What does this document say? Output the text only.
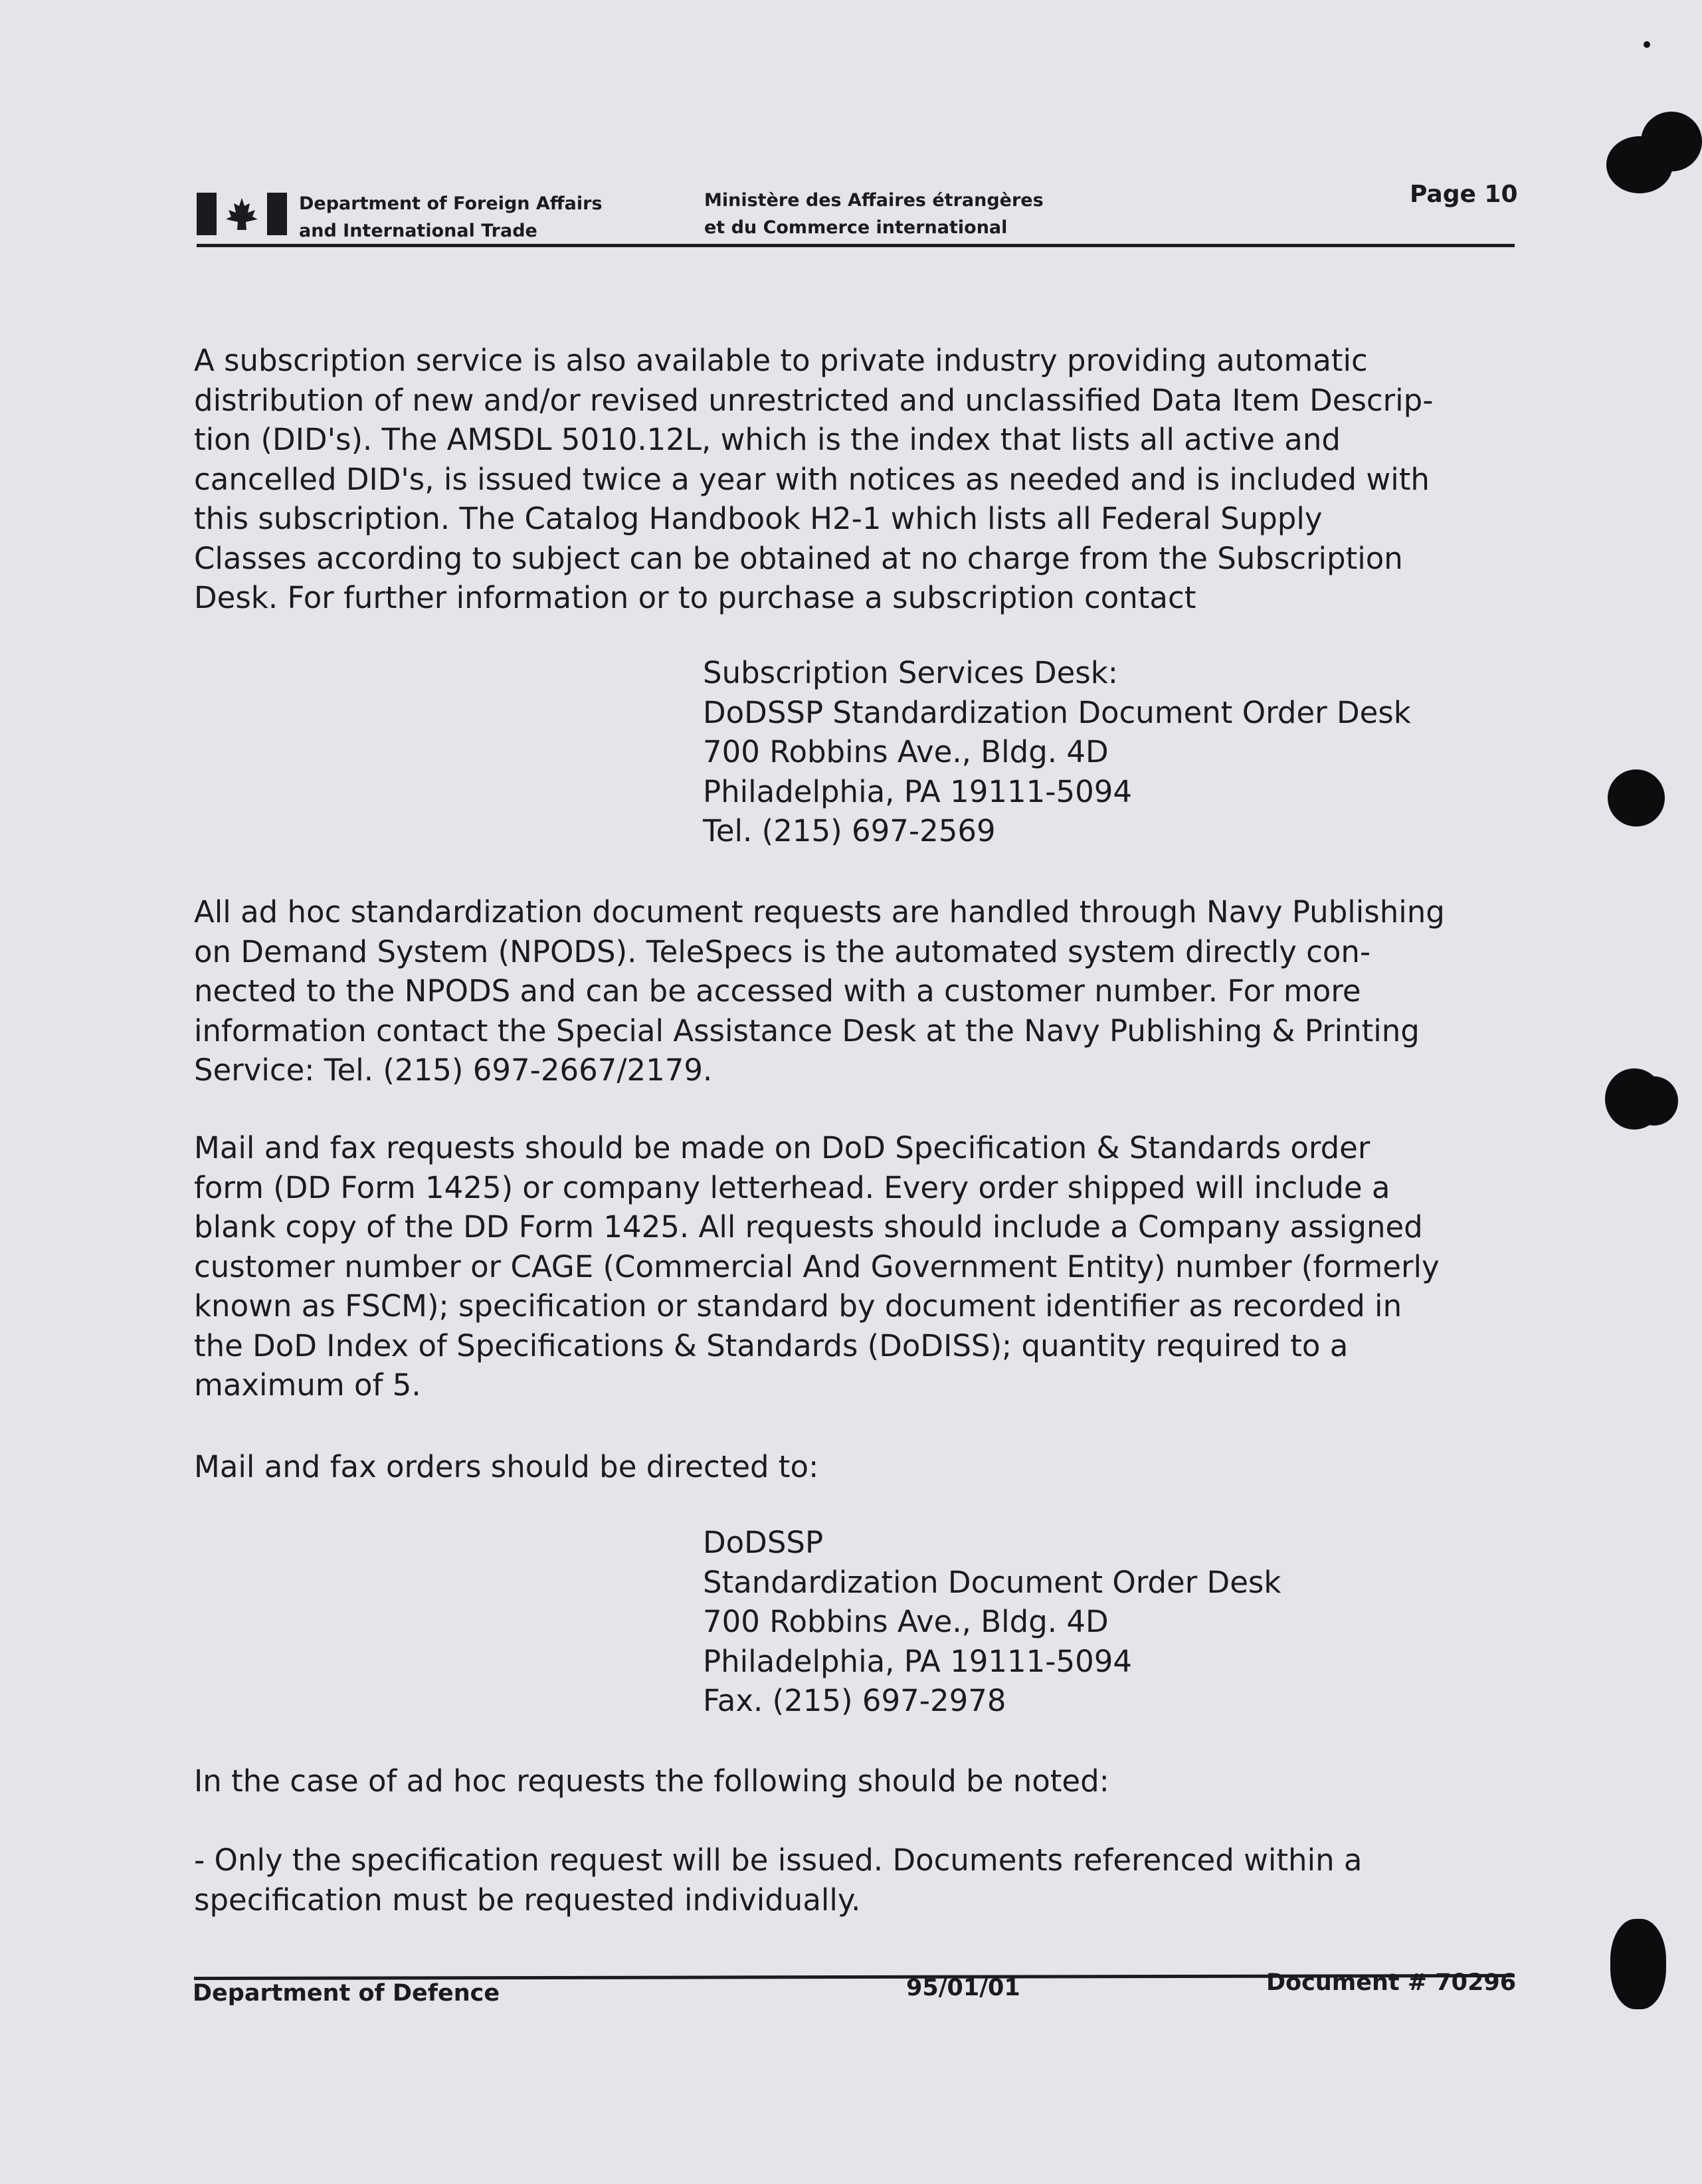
Department of Foreign Affairs
and International Trade
Ministère des Affaires étrangères
et du Commerce international
Page 10
A subscription service is also available to private industry providing automatic
distribution of new and/or revised unrestricted and unclassified Data Item Descrip-
tion (DID's). The AMSDL 5010.12L, which is the index that lists all active and
cancelled DID's, is issued twice a year with notices as needed and is included with
this subscription. The Catalog Handbook H2-1 which lists all Federal Supply
Classes according to subject can be obtained at no charge from the Subscription
Desk. For further information or to purchase a subscription contact
Subscription Services Desk:
DoDSSP Standardization Document Order Desk
700 Robbins Ave., Bldg. 4D
Philadelphia, PA 19111-5094
Tel. (215) 697-2569
All ad hoc standardization document requests are handled through Navy Publishing
on Demand System (NPODS). TeleSpecs is the automated system directly con-
nected to the NPODS and can be accessed with a customer number. For more
information contact the Special Assistance Desk at the Navy Publishing & Printing
Service: Tel. (215) 697-2667/2179.
Mail and fax requests should be made on DoD Specification & Standards order
form (DD Form 1425) or company letterhead. Every order shipped will include a
blank copy of the DD Form 1425. All requests should include a Company assigned
customer number or CAGE (Commercial And Government Entity) number (formerly
known as FSCM); specification or standard by document identifier as recorded in
the DoD Index of Specifications & Standards (DoDISS); quantity required to a
maximum of 5.
Mail and fax orders should be directed to:
DoDSSP
Standardization Document Order Desk
700 Robbins Ave., Bldg. 4D
Philadelphia, PA 19111-5094
Fax. (215) 697-2978
In the case of ad hoc requests the following should be noted:
- Only the specification request will be issued. Documents referenced within a
specification must be requested individually.
Department of Defence	95/01/01	Document # 70296
